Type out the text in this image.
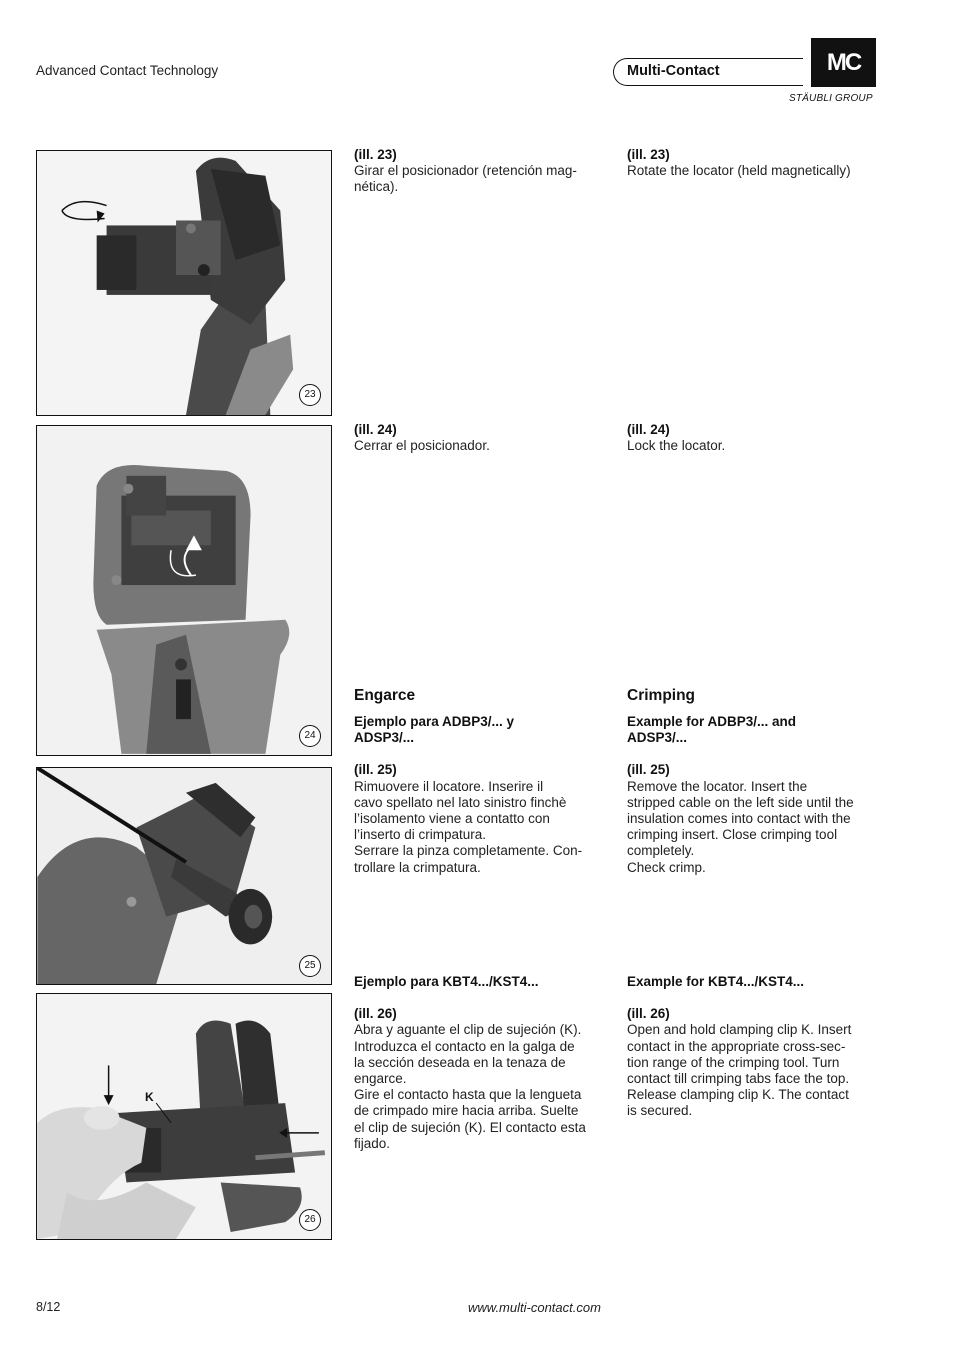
Advanced Contact Technology	Multi-Contact	MC
STÄUBLI GROUP
23
24
25
K
26
(ill. 23)
Girar el posicionador (retención mag-
nética).
(ill. 24)
Cerrar el posicionador.
Engarce
Ejemplo para ADBP3/... y
ADSP3/...
(ill. 25)
Rimuovere il locatore. Inserire il
cavo spellato nel lato sinistro finchè
l’isolamento viene a contatto con
l’inserto di crimpatura.
Serrare la pinza completamente. Con-
trollare la crimpatura.
Ejemplo para KBT4.../KST4...
(ill. 26)
Abra y aguante el clip de sujeción (K).
Introduzca el contacto en la galga de
la sección deseada en la tenaza de
engarce.
Gire el contacto hasta que la lengueta
de crimpado mire hacia arriba. Suelte
el clip de sujeción (K). El contacto esta
fijado.
(ill. 23)
Rotate the locator (held magnetically)
(ill. 24)
Lock the locator.
Crimping
Example for ADBP3/... and
ADSP3/...
(ill. 25)
Remove the locator. Insert the
stripped cable on the left side until the
insulation comes into contact with the
crimping insert. Close crimping tool
completely.
Check crimp.
Example for KBT4.../KST4...
(ill. 26)
Open and hold clamping clip K. Insert
contact in the appropriate cross-sec-
tion range of the crimping tool. Turn
contact till crimping tabs face the top.
Release clamping clip K. The contact
is secured.
8/12	www.multi-contact.com
